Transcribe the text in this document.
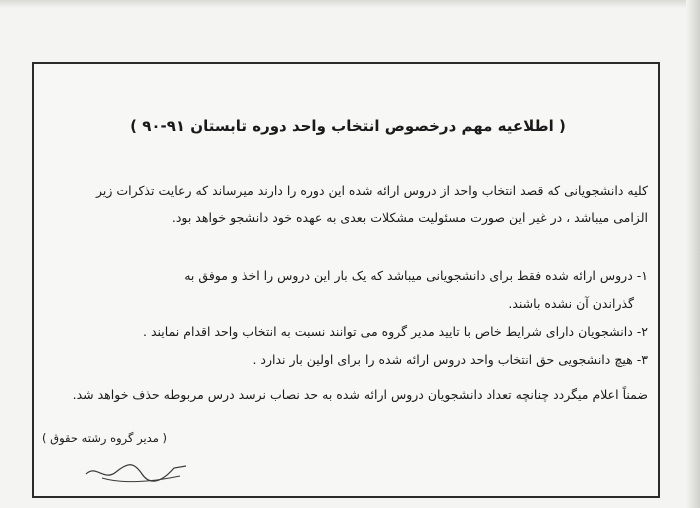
( اطلاعیه مهم درخصوص انتخاب واحد دوره تابستان ۹۱-۹۰ )

کلیه دانشجویانی که قصد انتخاب واحد از دروس ارائه شده این دوره را دارند میرساند که رعایت تذکرات زیر
الزامی میباشد ، در غیر این صورت مسئولیت مشکلات بعدی به عهده خود دانشجو خواهد بود.

۱-دروس ارائه شده فقط برای دانشجویانی میباشد که یک بار این دروس را اخذ و موفق به
گذراندن آن نشده باشند.
۲-دانشجویان دارای شرایط خاص با تایید مدیر گروه می توانند نسبت به انتخاب واحد اقدام نمایند .
۳-هیچ دانشجویی حق انتخاب واحد دروس ارائه شده را برای اولین بار ندارد .
ضمناً اعلام میگردد چنانچه تعداد دانشجویان دروس ارائه شده به حد نصاب نرسد درس مربوطه حذف خواهد شد.
( مدیر گروه رشته حقوق )
